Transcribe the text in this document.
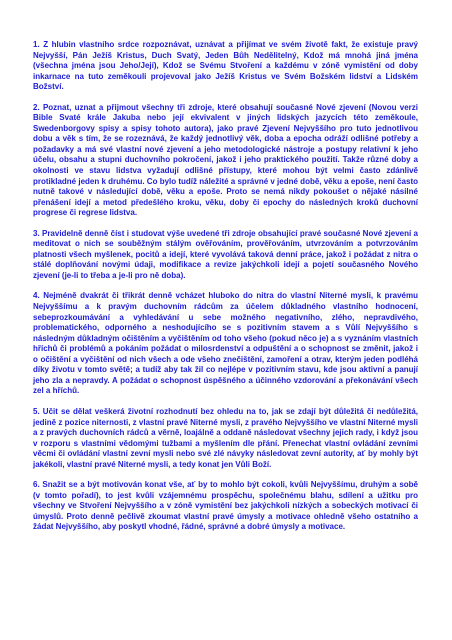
1. Z hlubin vlastního srdce rozpoznávat, uznávat a přijímat ve svém životě fakt, že existuje pravý Nejvyšší, Pán Ježíš Kristus, Duch Svatý, Jeden Bůh Nedělitelný, Kdož má mnohá jiná jména (všechna jména jsou Jeho/Její), Kdož se Svému Stvoření a každému v zóně vymistění od doby inkarnace na tuto zeměkouli projevoval jako Ježíš Kristus ve Svém Božském lidství a Lidském Božství.

2. Poznat, uznat a přijmout všechny tři zdroje, které obsahují současné Nové zjevení (Novou verzi Bible Svaté krále Jakuba nebo její ekvivalent v jiných lidských jazycích této zeměkoule, Swedenborgovy spisy a spisy tohoto autora), jako pravé Zjevení Nejvyššího pro tuto jednotlivou dobu a věk s tím, že se rozeznává, že každý jednotlivý věk, doba a epocha odráží odlišné potřeby a požadavky a má své vlastní nové zjevení a jeho metodologické nástroje a postupy relativní k jeho účelu, obsahu a stupni duchovního pokročení, jakož i jeho praktického použití. Takže různé doby a okolnosti ve stavu lidstva vyžadují odlišné přístupy, které mohou být velmi často zdánlivě protikladné jeden k druhému. Co bylo tudíž náležité a správné v jedné době, věku a epoše, není často nutně takové v následující době, věku a epoše. Proto se nemá nikdy pokoušet o nějaké násilné přenášení idejí a metod předešlého kroku, věku, doby či epochy do následných kroků duchovní progrese či regrese lidstva.

3. Pravidelně denně číst i studovat výše uvedené tři zdroje obsahující pravé současné Nové zjevení a meditovat o nich se souběžným stálým ověřováním, prověřováním, utvrzováním a potvrzováním platnosti všech myšlenek, pocitů a idejí, které vyvolává taková denní práce, jakož i požádat z nitra o stálé doplňování novými údaji, modifikace a revize jakýchkoli idejí a pojetí současného Nového zjevení (je-li to třeba a je-li pro ně doba).

4. Nejméně dvakrát či třikrát denně vcházet hluboko do nitra do vlastní Niterné mysli, k pravému Nejvyššímu a k pravým duchovním rádcům za účelem důkladného vlastního hodnocení, sebeprozkoumávání a vyhledávání u sebe možného negativního, zlého, nepravdivého, problematického, odporného a neshodujícího se s pozitivním stavem a s Vůlí Nejvyššího s následným důkladným očištěním a vyčištěním od toho všeho (pokud něco je) a s vyznáním vlastních hříchů či problémů a pokáním požádat o milosrdenství a odpuštění a o schopnost se změnit, jakož i o očištění a vyčištění od nich všech a ode všeho znečištění, zamoření a otrav, kterým jeden podléhá díky životu v tomto světě; a tudíž aby tak žil co nejlépe v pozitivním stavu, kde jsou aktivní a panují jeho zla a nepravdy. A požádat o schopnost úspěšného a účinného vzdorování a překonávání všech zel a hříchů.

5. Učit se dělat veškerá životní rozhodnutí bez ohledu na to, jak se zdají být důležitá či nedůležitá, jedině z pozice niternosti, z vlastní pravé Niterné mysli, z pravého Nejvyššího ve vlastní Niterné mysli a z pravých duchovních rádců a věrně, loajálně a oddaně následovat všechny jejich rady, i když jsou v rozporu s vlastními vědomými tužbami a myšlením dle přání. Přenechat vlastní ovládání zevními věcmi či ovládání vlastní zevní mysli nebo své zlé návyky následovat zevní autority, ať by mohly být jakékoli, vlastní pravé Niterné mysli, a tedy konat jen Vůli Boží.

6. Snažit se a být motivován konat vše, ať by to mohlo být cokoli, kvůli Nejvyššímu, druhým a sobě (v tomto pořadí), to jest kvůli vzájemnému prospěchu, společnému blahu, sdílení a užitku pro všechny ve Stvoření Nejvyššího a v zóně vymistění bez jakýchkoli nízkých a sobeckých motivací či úmyslů. Proto denně pečlivě zkoumat vlastní pravé úmysly a motivace ohledně všeho ostatního a žádat Nejvyššího, aby poskytl vhodné, řádné, správné a dobré úmysly a motivace.
